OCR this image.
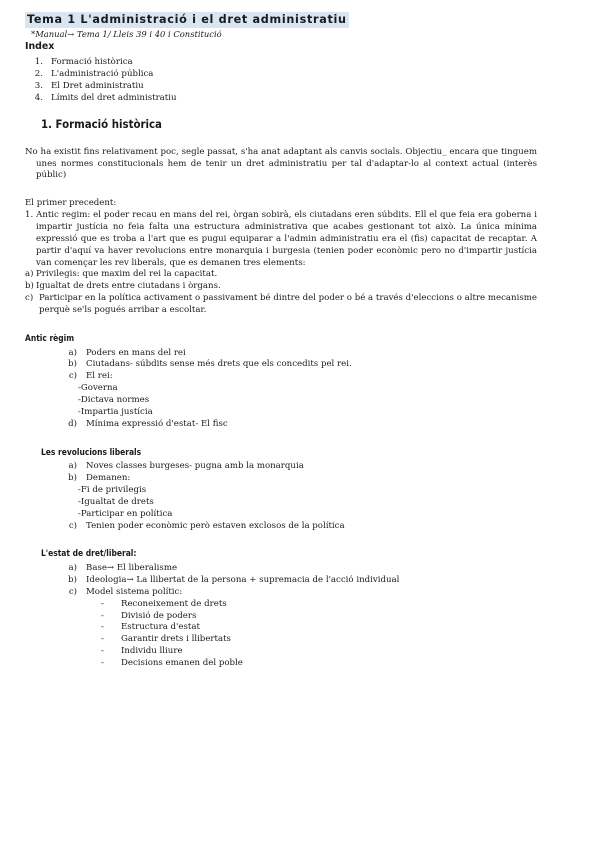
Tema 1 L'administració i el dret administratiu
*Manual→ Tema 1/ Lleis 39 i 40 i Constitució
Index
1. Formació històrica
2. L'administració pública
3. El Dret administratiu
4. Límits del dret administratiu
1. Formació històrica

No ha existit fins relativament poc, segle passat, s'ha anat adaptant als canvis socials. Objectiu_ encara que tinguem unes normes constitucionals hem de tenir un dret administratiu per tal d'adaptar-lo al context actual (interès públic)

El primer precedent:

1. Antic regim: el poder recau en mans del rei, òrgan sobirà, els ciutadans eren súbdits. Ell el que feia era goberna i impartir justícia no feia falta una estructura administrativa que acabes gestionant tot això. La única mínima expressió que es troba a l'art que es pugui equiparar a l'admin administratiu era el (fis) capacitat de recaptar. A partir d'aquí va haver revolucions entre monarquia i burgesia (tenien poder econòmic pero no d'impartir justícia van començar les rev liberals, que es demanen tres elements:

a) Privilegis: que maxim del rei la capacitat.
b) Igualtat de drets entre ciutadans i òrgans.
c) Participar en la política activament o passivament bé dintre del poder o bé a través d'eleccions o altre mecanisme perquè se'ls pogués arribar a escoltar.
Antic règim
a) Poders en mans del rei
b) Ciutadans- súbdits sense més drets que els concedits pel rei.
c) El rei:
-Governa
-Dictava normes
-Impartia justícia
d) Mínima expressió d'estat- El fisc
Les revolucions liberals
a) Noves classes burgeses- pugna amb la monarquia
b) Demanen:
-Fi de privilegis
-Igualtat de drets
-Participar en política
c) Tenien poder econòmic però estaven exclosos de la política
L'estat de dret/liberal:
a) Base→ El liberalisme
b) Ideologia→ La llibertat de la persona + supremacia de l'acció individual
c) Model sistema polític:
-	Reconeixement de drets
-	Divisió de poders
-	Estructura d'estat
-	Garantir drets i llibertats
-	Individu lliure
-	Decisions emanen del poble
